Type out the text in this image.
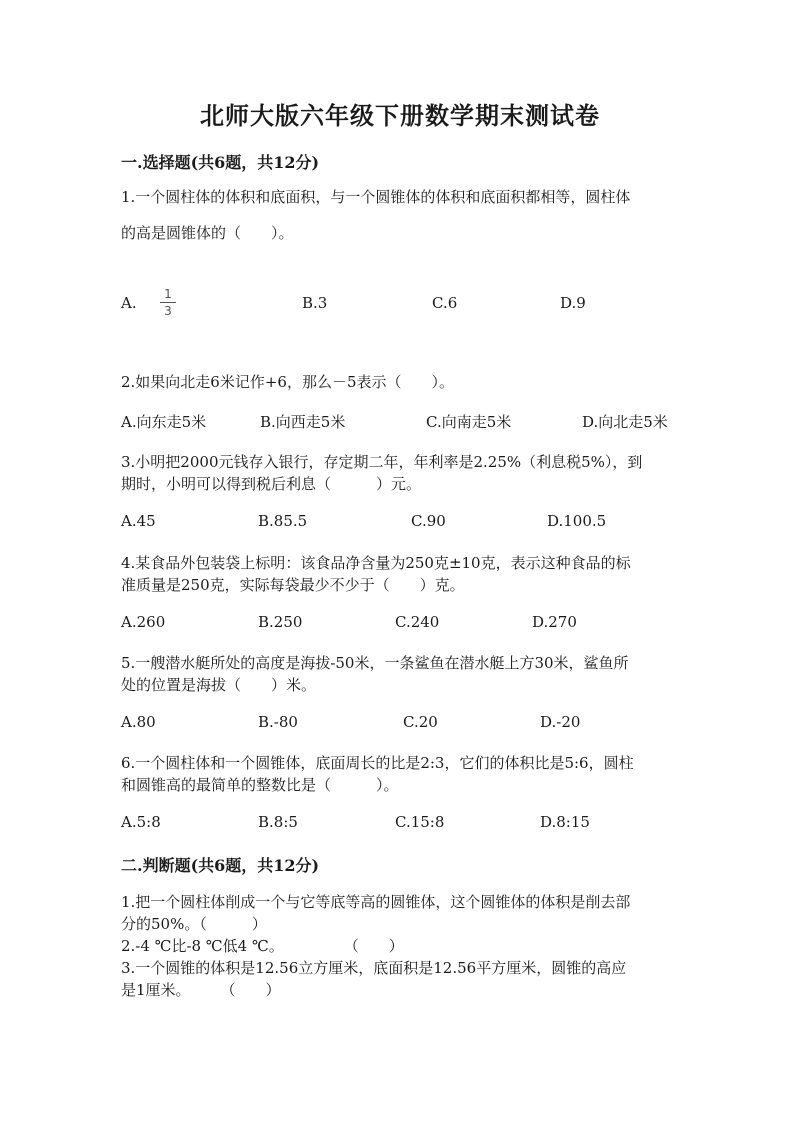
北师大版六年级下册数学期末测试卷
一.选择题(共6题，共12分)
1.一个圆柱体的体积和底面积，与一个圆锥体的体积和底面积都相等，圆柱体
的高是圆锥体的（　　）。
A.	1
3	B.3	C.6	D.9
2.如果向北走6米记作+6，那么－5表示（　　）。
A.向东走5米	B.向西走5米	C.向南走5米	D.向北走5米
3.小明把2000元钱存入银行，存定期二年，年利率是2.25%（利息税5%），到
期时，小明可以得到税后利息（　　　）元。
A.45	B.85.5	C.90	D.100.5
4.某食品外包装袋上标明：该食品净含量为250克±10克，表示这种食品的标
准质量是250克，实际每袋最少不少于（　　）克。
A.260	B.250	C.240	D.270
5.一艘潜水艇所处的高度是海拔-50米，一条鲨鱼在潜水艇上方30米，鲨鱼所
处的位置是海拔（　　）米。
A.80	B.-80	C.20	D.-20
6.一个圆柱体和一个圆锥体，底面周长的比是2:3，它们的体积比是5:6，圆柱
和圆锥高的最简单的整数比是（　　　）。
A.5:8	B.8:5	C.15:8	D.8:15
二.判断题(共6题，共12分)
1.把一个圆柱体削成一个与它等底等高的圆锥体，这个圆锥体的体积是削去部
分的50%。（　　　）
2.-4 ℃比-8 ℃低4 ℃。　　　　　（　　）
3.一个圆锥的体积是12.56立方厘米，底面积是12.56平方厘米，圆锥的高应
是1厘米。　　　（　　）
